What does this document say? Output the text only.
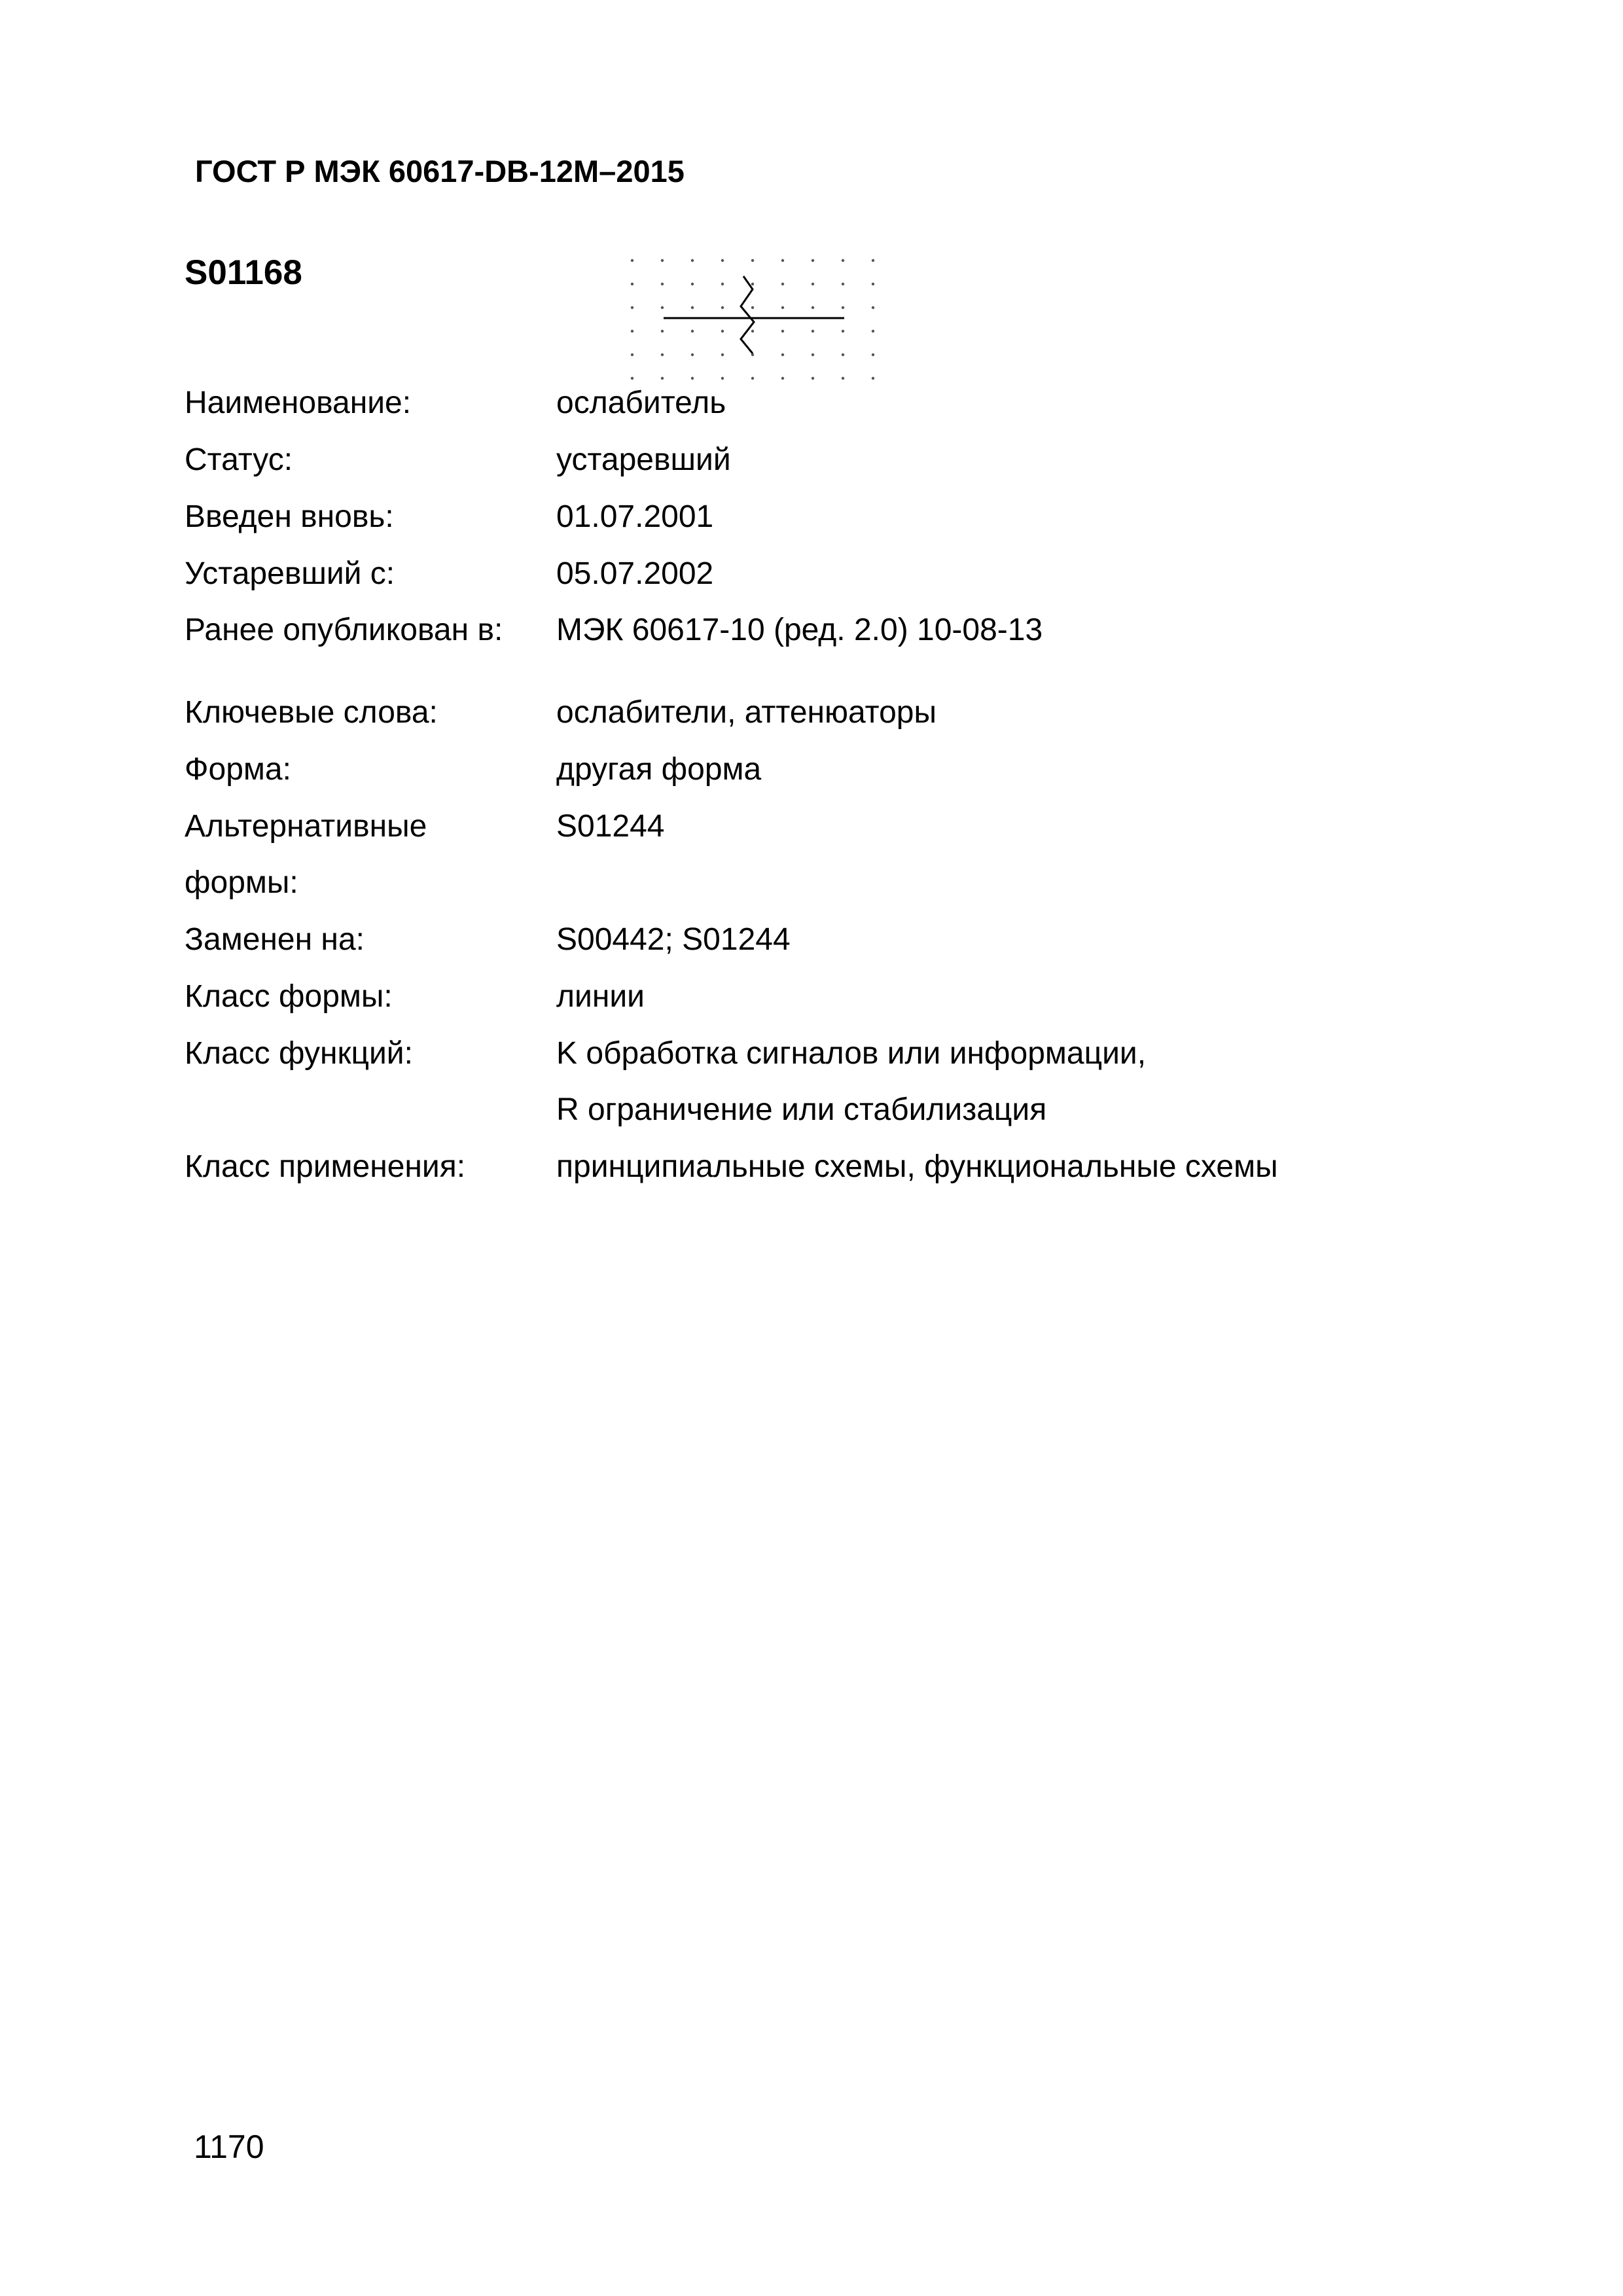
ГОСТ Р МЭК 60617-DB-12M–2015
S01168
Наименование:	ослабитель
Статус:	устаревший
Введен вновь:	01.07.2001
Устаревший с:	05.07.2002
Ранее опубликован в: МЭК 60617-10 (ред. 2.0) 10-08-13
Ключевые слова:	ослабители, аттенюаторы
Форма:	другая форма
Альтернативные
формы:
S01244
Заменен на:	S00442; S01244
Класс формы:	линии
Класс функций:	K обработка сигналов или информации,
R ограничение или стабилизация
Класс применения:	принципиальные схемы, функциональные схемы
1170
